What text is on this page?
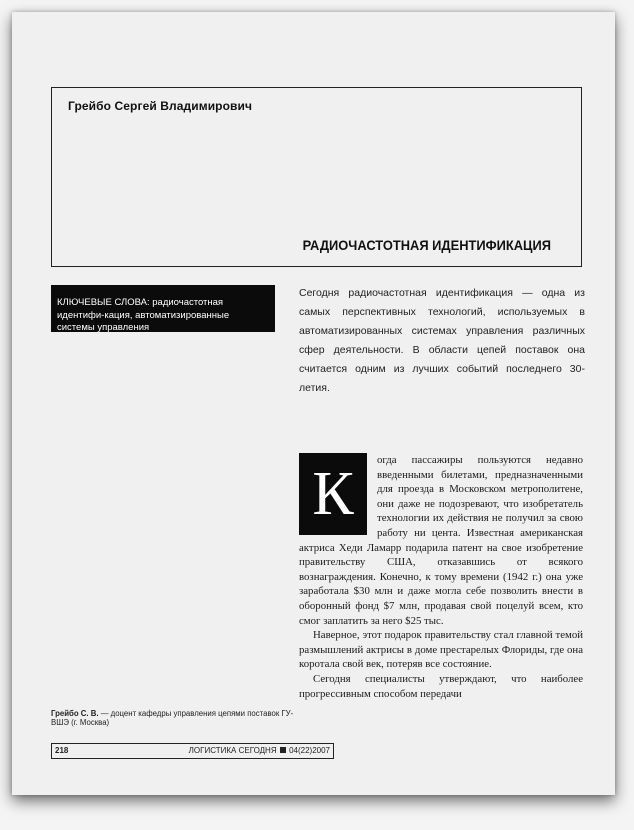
Грейбо Сергей Владимирович
РАДИОЧАСТОТНАЯ ИДЕНТИФИКАЦИЯ
КЛЮЧЕВЫЕ СЛОВА: радиочастотная идентифи-кация, автоматизированные системы управления
Сегодня радиочастотная идентификация — одна из самых перспективных технологий, используемых в автоматизированных системах управления различных сфер деятельности. В области цепей поставок она считается одним из лучших событий последнего 30-летия.
К	огда пассажиры пользуются недавно введенными билетами, предназначенными для проезда в Московском метрополитене, они даже не подозревают, что изобретатель технологии их действия не получил за свою работу ни цента. Известная американская актриса Хеди Ламарр подарила патент на свое изобретение правительству США, отказавшись от всякого вознаграждения. Конечно, к тому времени (1942 г.) она уже заработала $30 млн и даже могла себе позволить внести в оборонный фонд $7 млн, продавая свой поцелуй всем, кто смог заплатить за него $25 тыс.

Наверное, этот подарок правительству стал главной темой размышлений актрисы в доме престарелых Флориды, где она коротала свой век, потеряв все состояние.

Сегодня специалисты утверждают, что наиболее прогрессивным способом передачи

Грейбо С. В. — доцент кафедры управления цепями поставок ГУ-ВШЭ (г. Москва)
218	ЛОГИСТИКА СЕГОДНЯ 04(22)2007
